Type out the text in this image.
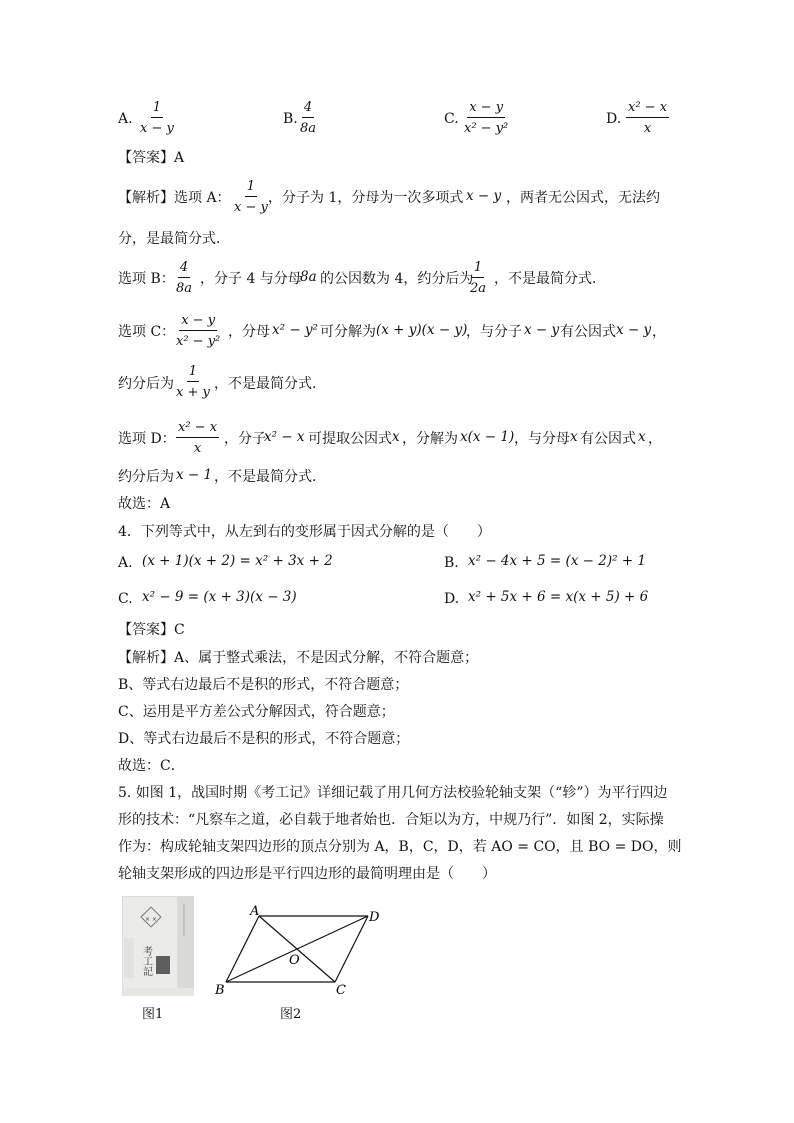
A. $\frac{1}{x - y}$	B. $\frac{4}{8a}$	C. $\frac{x - y}{\text{x² − y²}}$	D. $\frac{\text{x² − x}}{x}$
【答案】A
【解析】选项 A： $\frac{1}{x - y}$ ，分子为 1，分母为一次多项式 x − y ，两者无公因式，无法约
分，是最简分式．
选项 B： $\frac{4}{8a}$ ，分子 4 与分母
8a 的公因数为 4，约分后为
$\frac{1}{2a}$ ，不是最简分式．
选项 C： $\frac{x - y}{\text{x² − y²}}$ ，分母 x² − y² 可分解为 (x + y)(x − y)
，与分子 x − y 有公因式 x − y ，
约分后为 $\frac{1}{x + y}$ ，不是最简分式．
选项 D： $\frac{\text{x² − x}}{x}$ ，分子
x² − x 可提取公因式 x ，分解为 x(x − 1) ，与分母 x 有公因式 x ，
约分后为 x − 1 ，不是最简分式．
故选：A
4．下列等式中，从左到右的变形属于因式分解的是（　　）
A. (x + 1)(x + 2) = x² + 3x + 2	B. x² − 4x + 5 = (x − 2)² + 1
C. x² − 9 = (x + 3)(x − 3)	D. x² + 5x + 6 = x(x + 5) + 6
【答案】C
【解析】A、属于整式乘法，不是因式分解，不符合题意；
B、等式右边最后不是积的形式，不符合题意；
C、运用是平方差公式分解因式，符合题意；
D、等式右边最后不是积的形式，不符合题意；
故选：C．
5. 如图 1，战国时期《考工记》详细记载了用几何方法校验轮轴支架（“轸”）为平行四边
形的技术：“凡察车之道，必自载于地者始也．合矩以为方，中规乃行”．如图 2，实际操
作为：构成轮轴支架四边形的顶点分别为 A，B，C，D，若 AO = CO，且 BO = DO，则
轮轴支架形成的四边形是平行四边形的最简明理由是（　　）
× ×
考工記
图1
A
B	C
D
O
图2
